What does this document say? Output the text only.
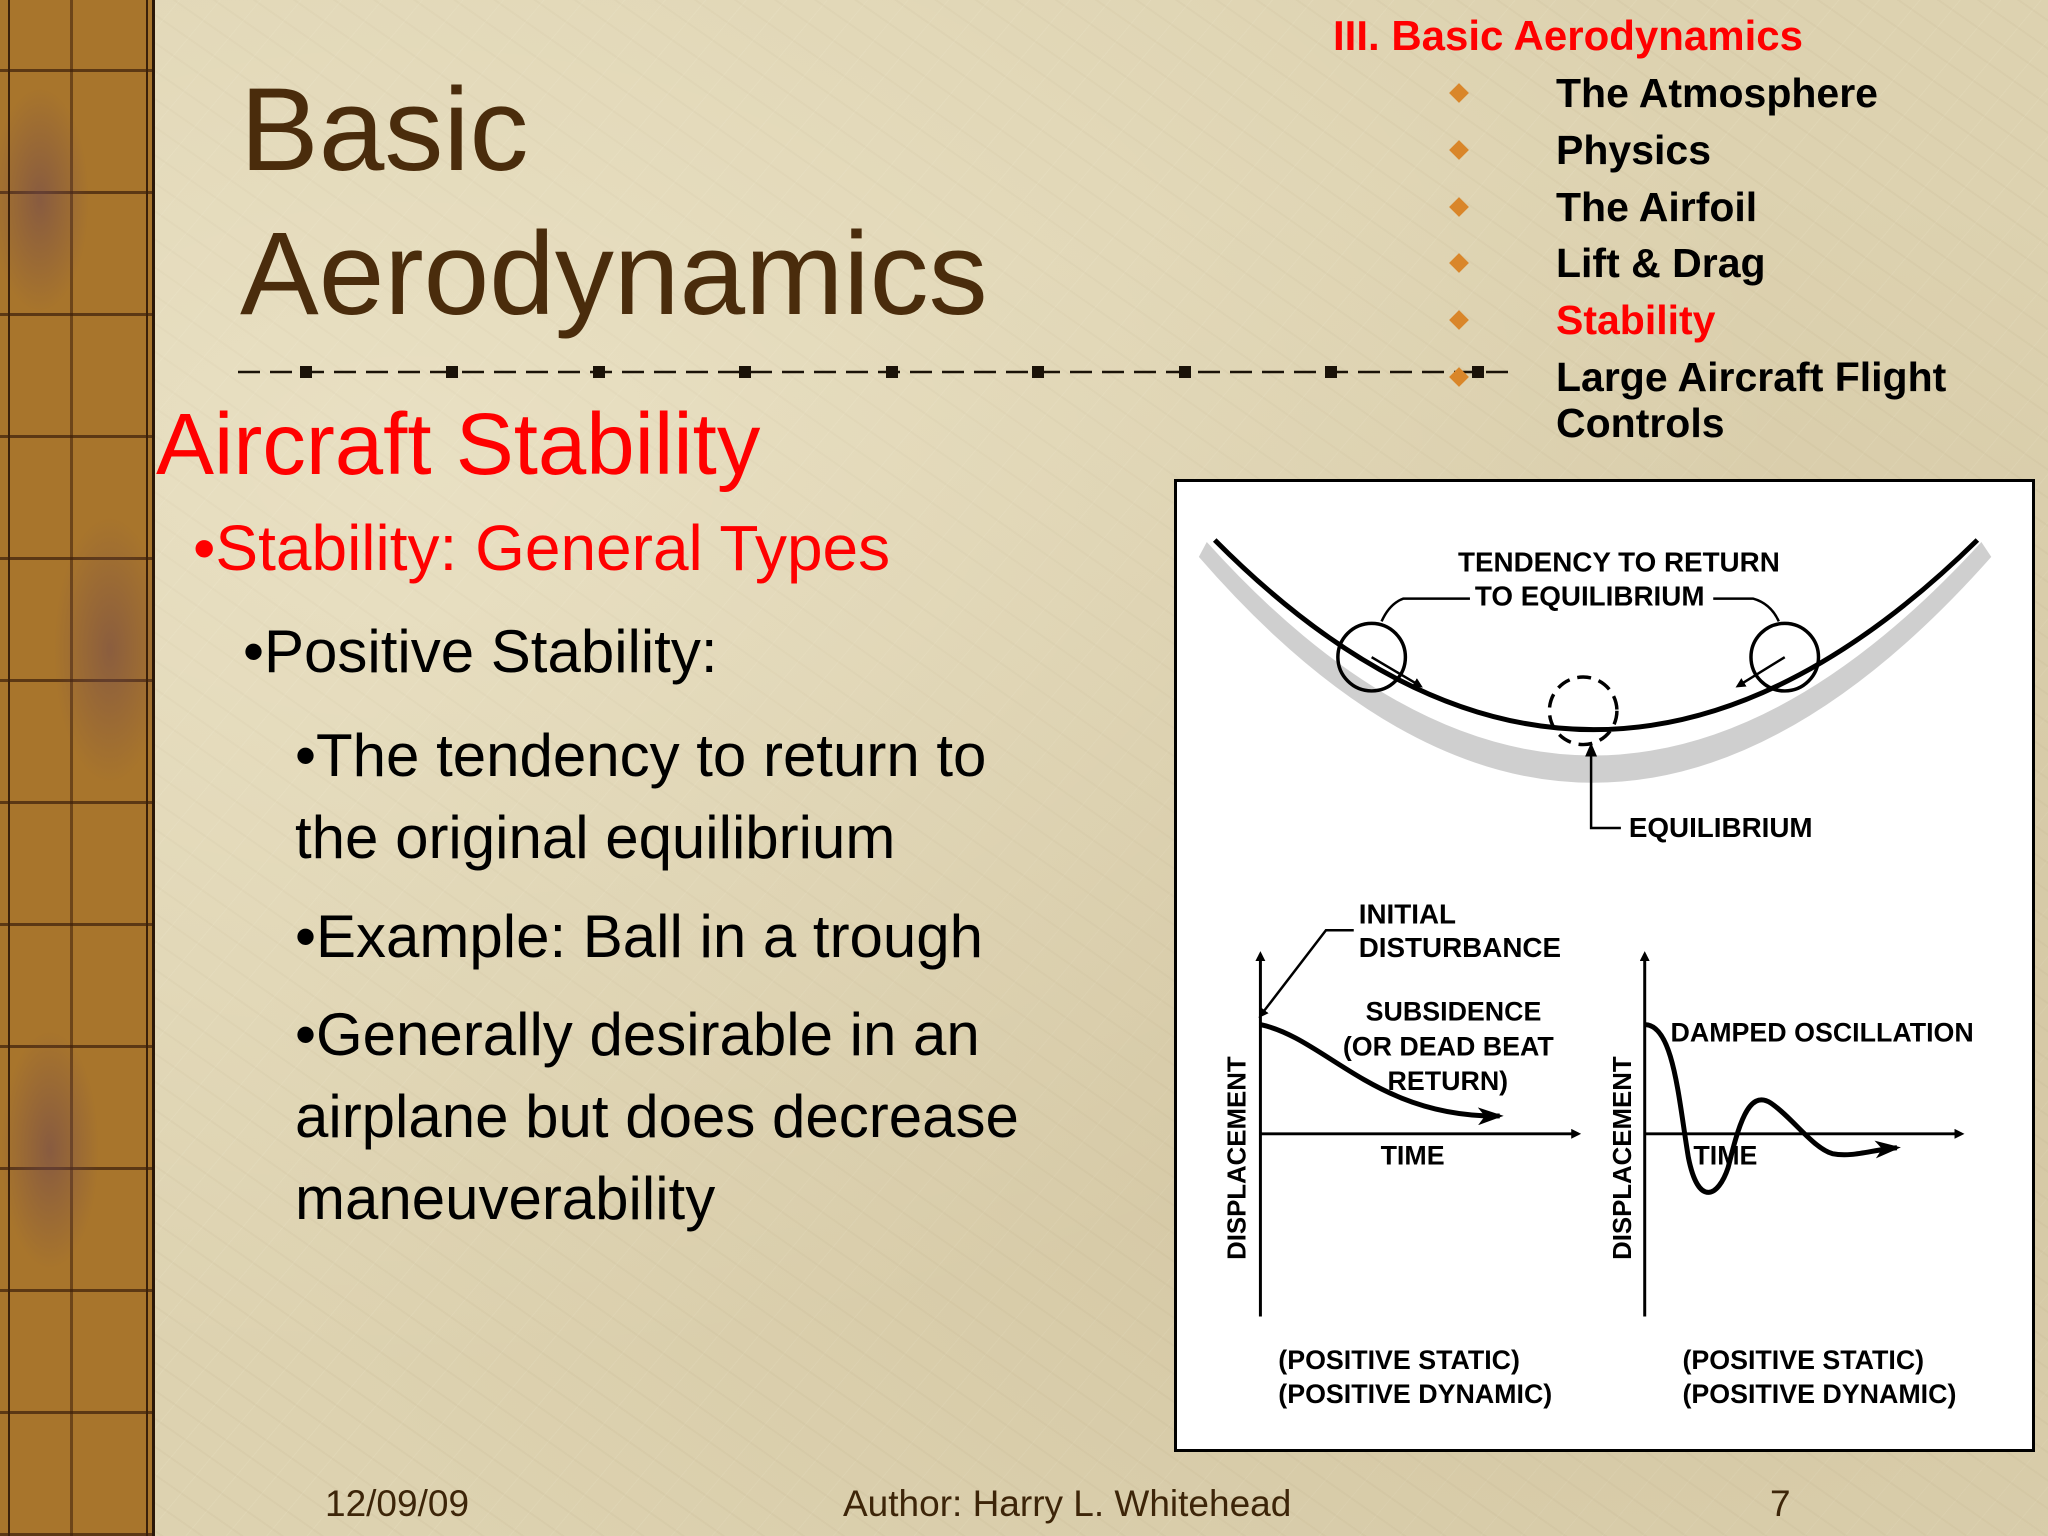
Basic
Aerodynamics
Aircraft Stability
•Stability: General Types
•Positive Stability:
•The tendency to return to
the original equilibrium
•Example: Ball in a trough
•Generally desirable in an
airplane but does decrease
maneuverability
III. Basic Aerodynamics
The Atmosphere
Physics
The Airfoil
Lift & Drag
Stability
Large Aircraft Flight
Controls
TENDENCY TO RETURN
TO EQUILIBRIUM
EQUILIBRIUM
INITIAL
DISTURBANCE
DISPLACEMENT	TIME
SUBSIDENCE
(OR DEAD BEAT
RETURN)
(POSITIVE STATIC)
(POSITIVE DYNAMIC)
DISPLACEMENT TIME
DAMPED OSCILLATION
(POSITIVE STATIC)
(POSITIVE DYNAMIC)
12/09/09	Author: Harry L. Whitehead	7
